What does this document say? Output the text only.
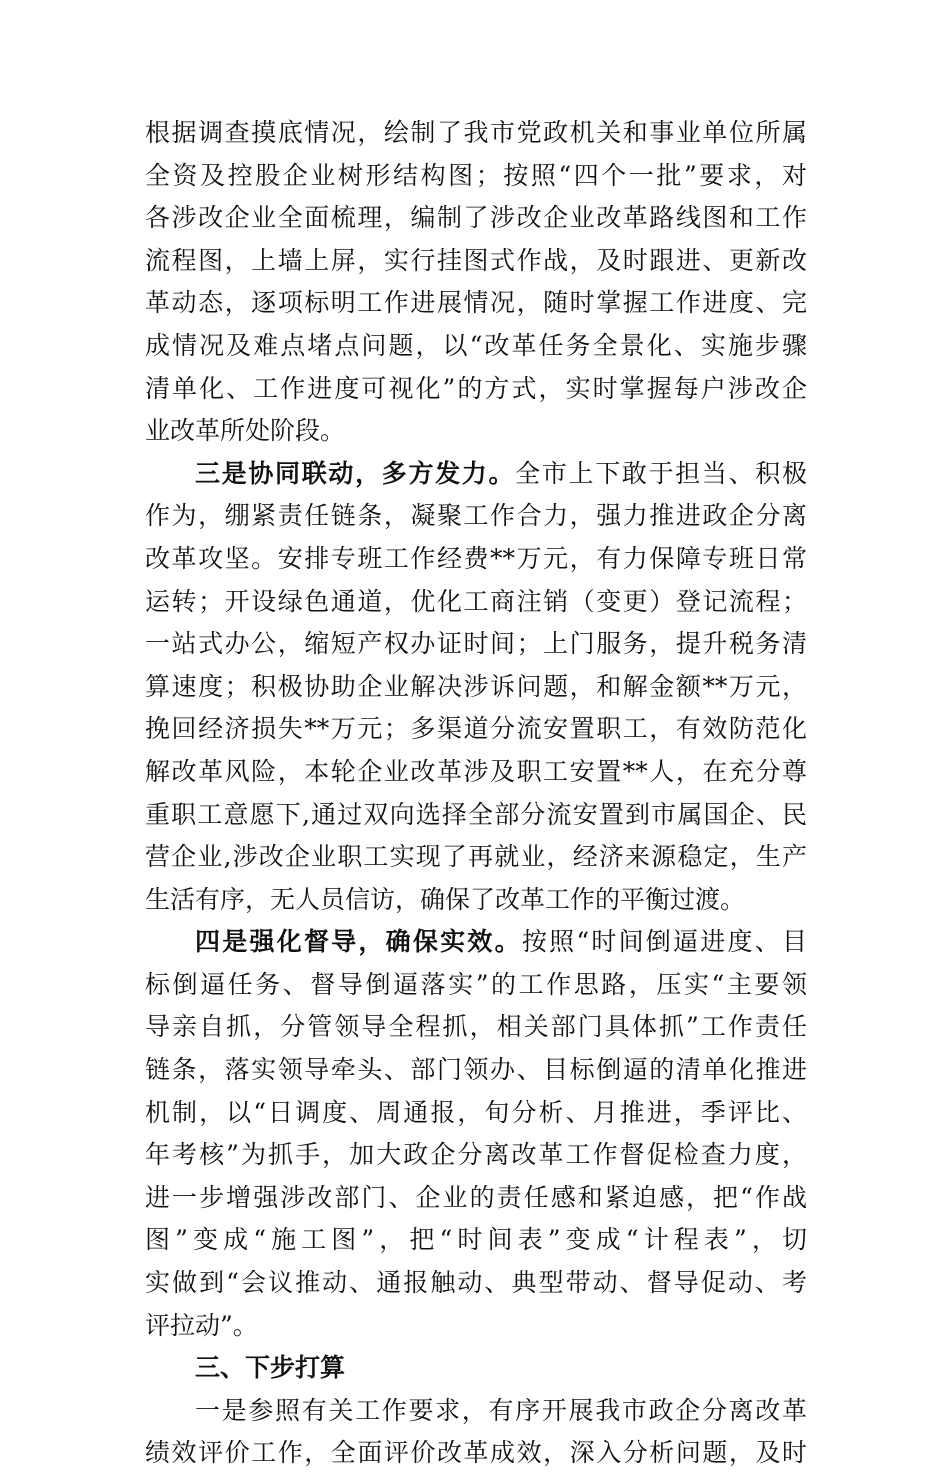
根据调查摸底情况，绘制了我市党政机关和事业单位所属
全资及控股企业树形结构图；按照“四个一批”要求，对
各涉改企业全面梳理，编制了涉改企业改革路线图和工作
流程图，上墙上屏，实行挂图式作战，及时跟进、更新改
革动态，逐项标明工作进展情况，随时掌握工作进度、完
成情况及难点堵点问题，以“改革任务全景化、实施步骤
清单化、工作进度可视化”的方式，实时掌握每户涉改企
业改革所处阶段。
三是协同联动，多方发力。全市上下敢于担当、积极
作为，绷紧责任链条，凝聚工作合力，强力推进政企分离
改革攻坚。安排专班工作经费**万元，有力保障专班日常
运转；开设绿色通道，优化工商注销（变更）登记流程；
一站式办公，缩短产权办证时间；上门服务，提升税务清
算速度；积极协助企业解决涉诉问题，和解金额**万元，
挽回经济损失**万元；多渠道分流安置职工，有效防范化
解改革风险，本轮企业改革涉及职工安置**人，在充分尊
重职工意愿下,通过双向选择全部分流安置到市属国企、民
营企业,涉改企业职工实现了再就业，经济来源稳定，生产
生活有序，无人员信访，确保了改革工作的平衡过渡。
四是强化督导，确保实效。按照“时间倒逼进度、目
标倒逼任务、督导倒逼落实”的工作思路，压实“主要领
导亲自抓，分管领导全程抓，相关部门具体抓”工作责任
链条，落实领导牵头、部门领办、目标倒逼的清单化推进
机制，以“日调度、周通报，旬分析、月推进，季评比、
年考核”为抓手，加大政企分离改革工作督促检查力度，
进一步增强涉改部门、企业的责任感和紧迫感，把“作战
图”变成“施工图”，把“时间表”变成“计程表”，切
实做到“会议推动、通报触动、典型带动、督导促动、考
评拉动”。
三、下步打算
一是参照有关工作要求，有序开展我市政企分离改革
绩效评价工作，全面评价改革成效，深入分析问题，及时
